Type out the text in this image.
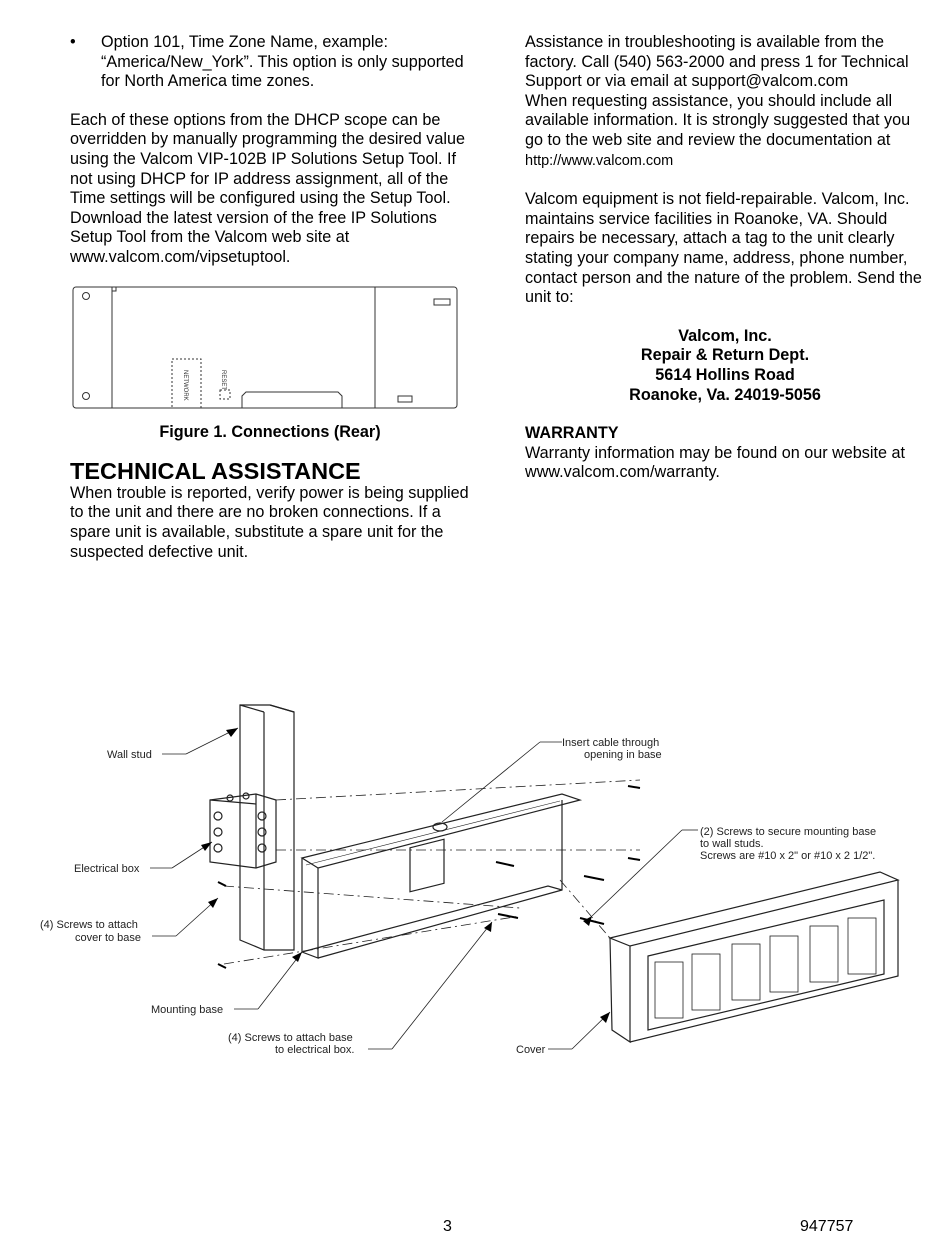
• Option 101, Time Zone Name, example: “America/New_York”. This option is only supported for North America time zones.

Each of these options from the DHCP scope can be overridden by manually programming the desired value using the Valcom VIP-102B IP Solutions Setup Tool. If not using DHCP for IP address assignment, all of the Time settings will be configured using the Setup Tool. Download the latest version of the free IP Solutions Setup Tool from the Valcom web site at www.valcom.com/vipsetuptool.

NETWORK	RESET

Figure 1. Connections (Rear)

TECHNICAL ASSISTANCE

When trouble is reported, verify power is being supplied to the unit and there are no broken connections. If a spare unit is available, substitute a spare unit for the suspected defective unit.

Assistance in troubleshooting is available from the factory. Call (540) 563-2000 and press 1 for Technical Support or via email at support@valcom.com

When requesting assistance, you should include all available information. It is strongly suggested that you go to the web site and review the documentation at http://www.valcom.com

Valcom equipment is not field-repairable. Valcom, Inc. maintains service facilities in Roanoke, VA. Should repairs be necessary, attach a tag to the unit clearly stating your company name, address, phone number, contact person and the nature of the problem. Send the unit to:

Valcom, Inc.

Repair & Return Dept.

5614 Hollins Road

Roanoke, Va. 24019-5056

WARRANTY

Warranty information may be found on our website at www.valcom.com/warranty.

Wall stud
Electrical box
(4) Screws to attach
cover to base
Mounting base
(4) Screws to attach base
to electrical box.
Insert cable through
opening in base
(2) Screws to secure mounting base
to wall studs.
Screws are #10 x 2" or #10 x 2 1/2".
Cover
3	947757
